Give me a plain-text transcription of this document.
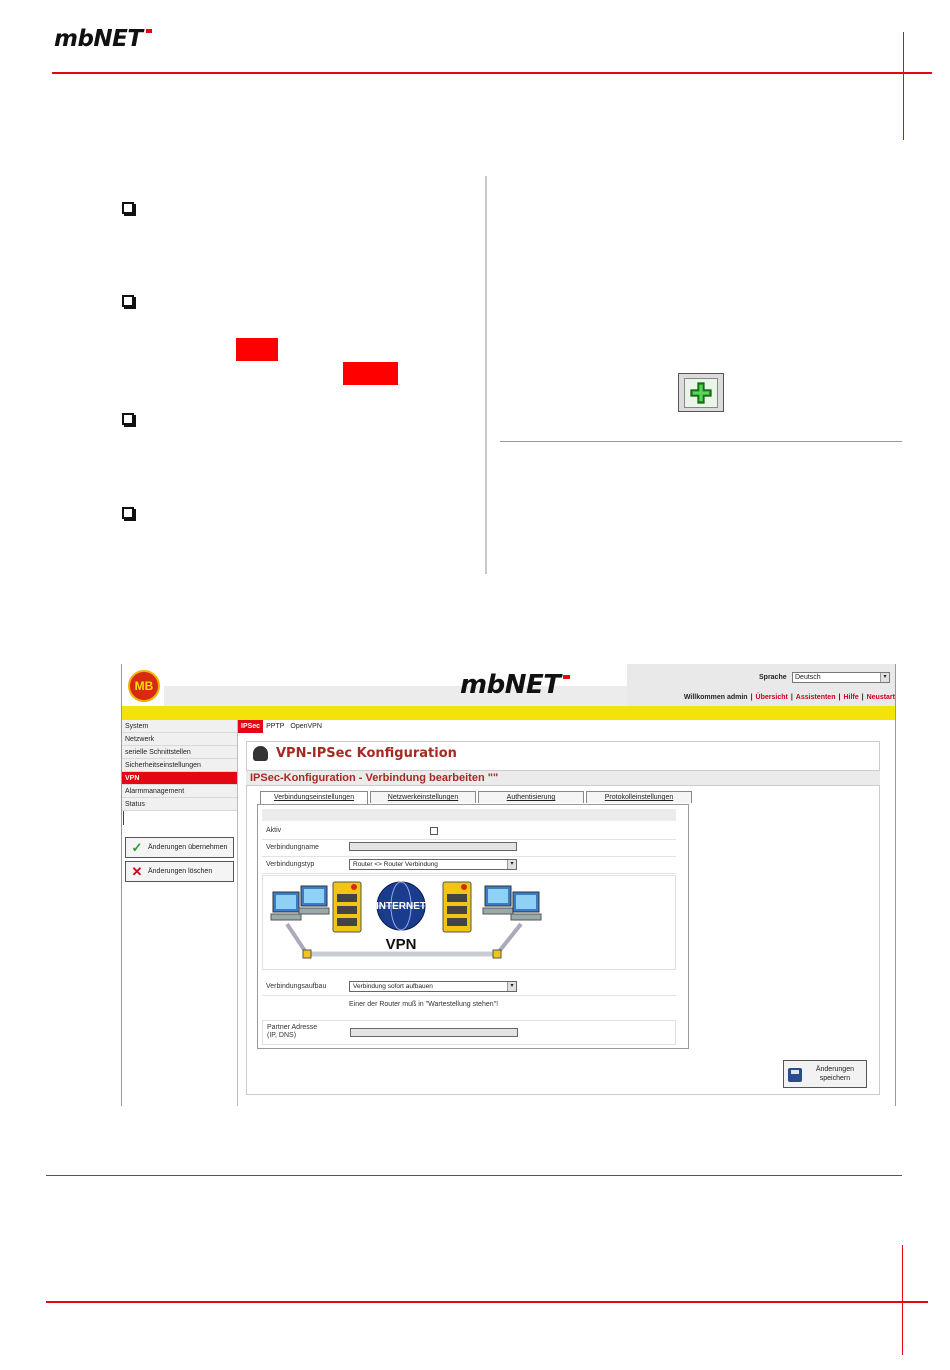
mbNET
MB	mbNET	Sprache	Deutsch	▾
Willkommen admin | Übersicht | Assistenten | Hilfe | Neustart
System
Netzwerk
serielle Schnittstellen
Sicherheitseinstellungen
VPN
Alarmmanagement
Status
✓ Änderungen übernehmen
✕ Änderungen löschen
IPSec PPTP OpenVPN
VPN-IPSec Konfiguration
IPSec-Konfiguration - Verbindung bearbeiten ""
Verbindungseinstellungen	Netzwerkeinstellungen	Authentisierung	Protokolleinstellungen
Aktiv
Verbindungname
Verbindungstyp	Router <> Router Verbindung	▾
INTERNET
VPN
Verbindungsaufbau	Verbindung sofort aufbauen	▾
Einer der Router muß in "Wartestellung stehen"!
Partner Adresse
(IP, DNS)
Änderungen
speichern
